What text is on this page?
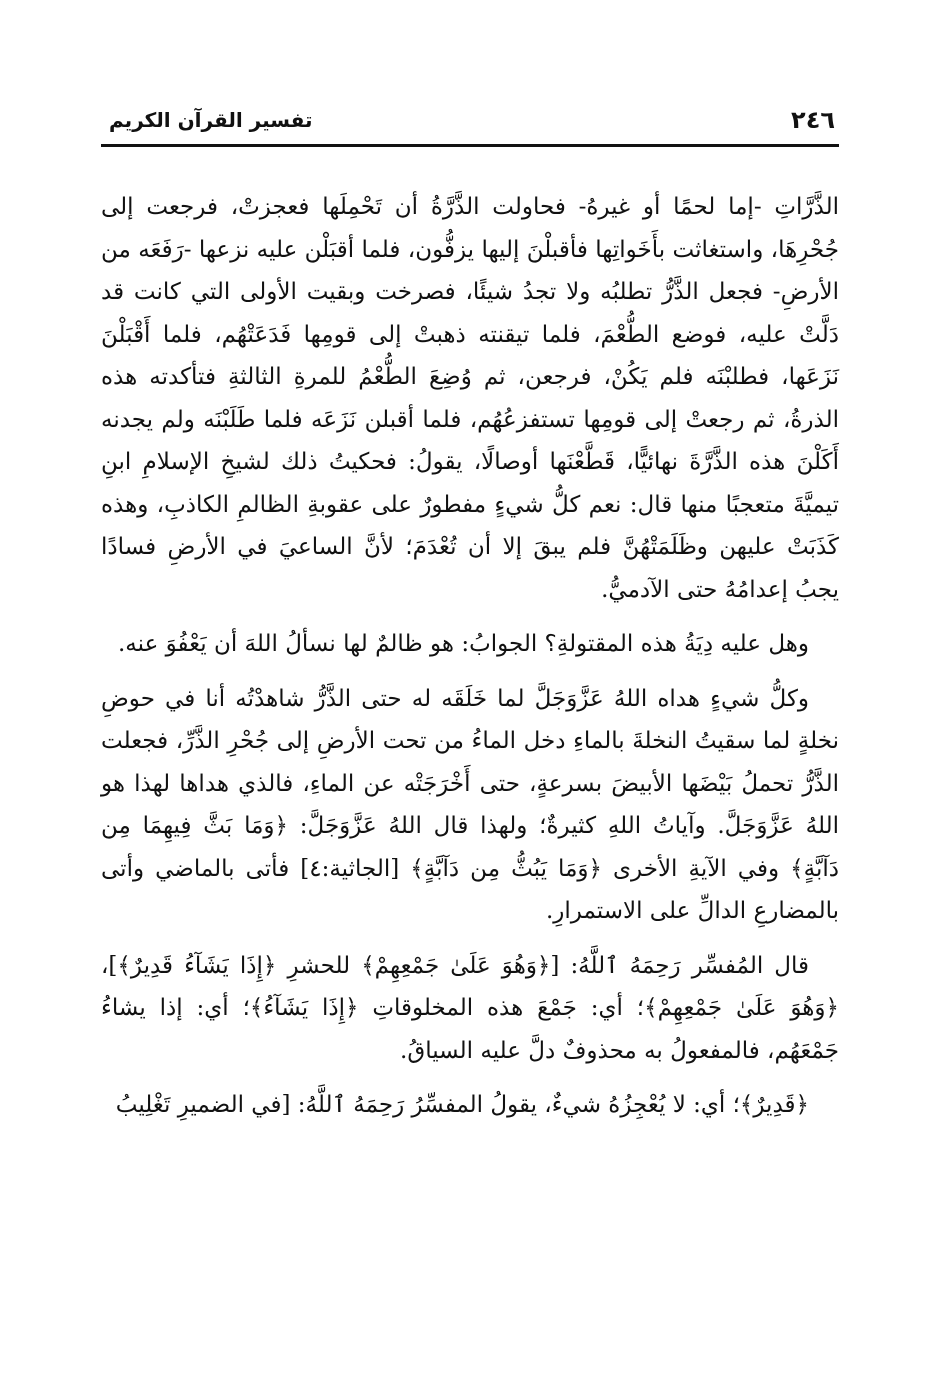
٢٤٦
تفسير القرآن الكريم

الذَّرَّاتِ -إما لحمًا أو غيرهُ- فحاولت الذَّرَّةُ أن تَحْمِلَها فعجزتْ، فرجعت إلى جُحْرِهَا، واستغاثت بأَخَواتِها فأقبلْنَ إليها يزفُّون، فلما أقبَلْن عليه نزعها -رَفَعَه من الأرضِ- فجعل الذَّرُّ تطلبُه ولا تجدُ شيئًا، فصرخت وبقيت الأولى التي كانت قد دَلَّتْ عليه، فوضع الطُّعْمَ، فلما تيقنته ذهبتْ إلى قومِها فَدَعَتْهُم، فلما أَقْبَلْنَ نَزَعَها، فطلبْنَه فلم يَكُنْ، فرجعن، ثم وُضِعَ الطُّعْمُ للمرةِ الثالثةِ فتأكدته هذه الذرةُ، ثم رجعتْ إلى قومِها تستفزعُهُم، فلما أقبلن نَزَعَه فلما طَلَبْنَه ولم يجدنه أَكَلْنَ هذه الذَّرَّةَ نهائيًّا، قَطَّعْنَها أوصالًا، يقولُ: فحكيتُ ذلك لشيخِ الإسلامِ ابنِ تيميَّةَ متعجبًا منها قال: نعم كلُّ شيءٍ مفطورٌ على عقوبةِ الظالمِ الكاذبِ، وهذه كَذَبَتْ عليهن وظَلَمَتْهُنَّ فلم يبقَ إلا أن تُعْدَمَ؛ لأنَّ الساعيَ في الأرضِ فسادًا يجبُ إعدامُهُ حتى الآدميُّ.

وهل عليه دِيَةُ هذه المقتولةِ؟ الجوابُ: هو ظالمٌ لها نسألُ اللهَ أن يَعْفُوَ عنه.

وكلُّ شيءٍ هداه اللهُ عَزَّوَجَلَّ لما خَلَقَه له حتى الذَّرُّ شاهدْتُه أنا في حوضِ نخلةٍ لما سقيتُ النخلةَ بالماءِ دخل الماءُ من تحت الأرضِ إلى جُحْرِ الذَّرِّ، فجعلت الذَّرُّ تحملُ بَيْضَها الأبيضَ بسرعةٍ، حتى أَخْرَجَتْه عن الماءِ، فالذي هداها لهذا هو اللهُ عَزَّوَجَلَّ. وآياتُ اللهِ كثيرةٌ؛ ولهذا قال اللهُ عَزَّوَجَلَّ: ﴿وَمَا بَثَّ فِيهِمَا مِن دَآبَّةٍ﴾ وفي الآيةِ الأخرى ﴿وَمَا يَبُثُّ مِن دَآبَّةٍ﴾ [الجاثية:٤] فأتى بالماضي وأتى بالمضارعِ الدالِّ على الاستمرارِ.

قال المُفسِّر رَحِمَهُ ٱللَّهُ: [﴿وَهُوَ عَلَىٰ جَمْعِهِمْ﴾ للحشرِ ﴿إِذَا يَشَآءُ قَدِيرٌ﴾]، ﴿وَهُوَ عَلَىٰ جَمْعِهِمْ﴾؛ أي: جَمْعَ هذه المخلوقاتِ ﴿إِذَا يَشَآءُ﴾؛ أي: إذا يشاءُ جَمْعَهُم، فالمفعولُ به محذوفٌ دلَّ عليه السياقُ.

﴿قَدِيرٌ﴾؛ أي: لا يُعْجِزُهُ شيءٌ، يقولُ المفسِّرُ رَحِمَهُ ٱللَّهُ: [في الضميرِ تَغْلِيبُ
